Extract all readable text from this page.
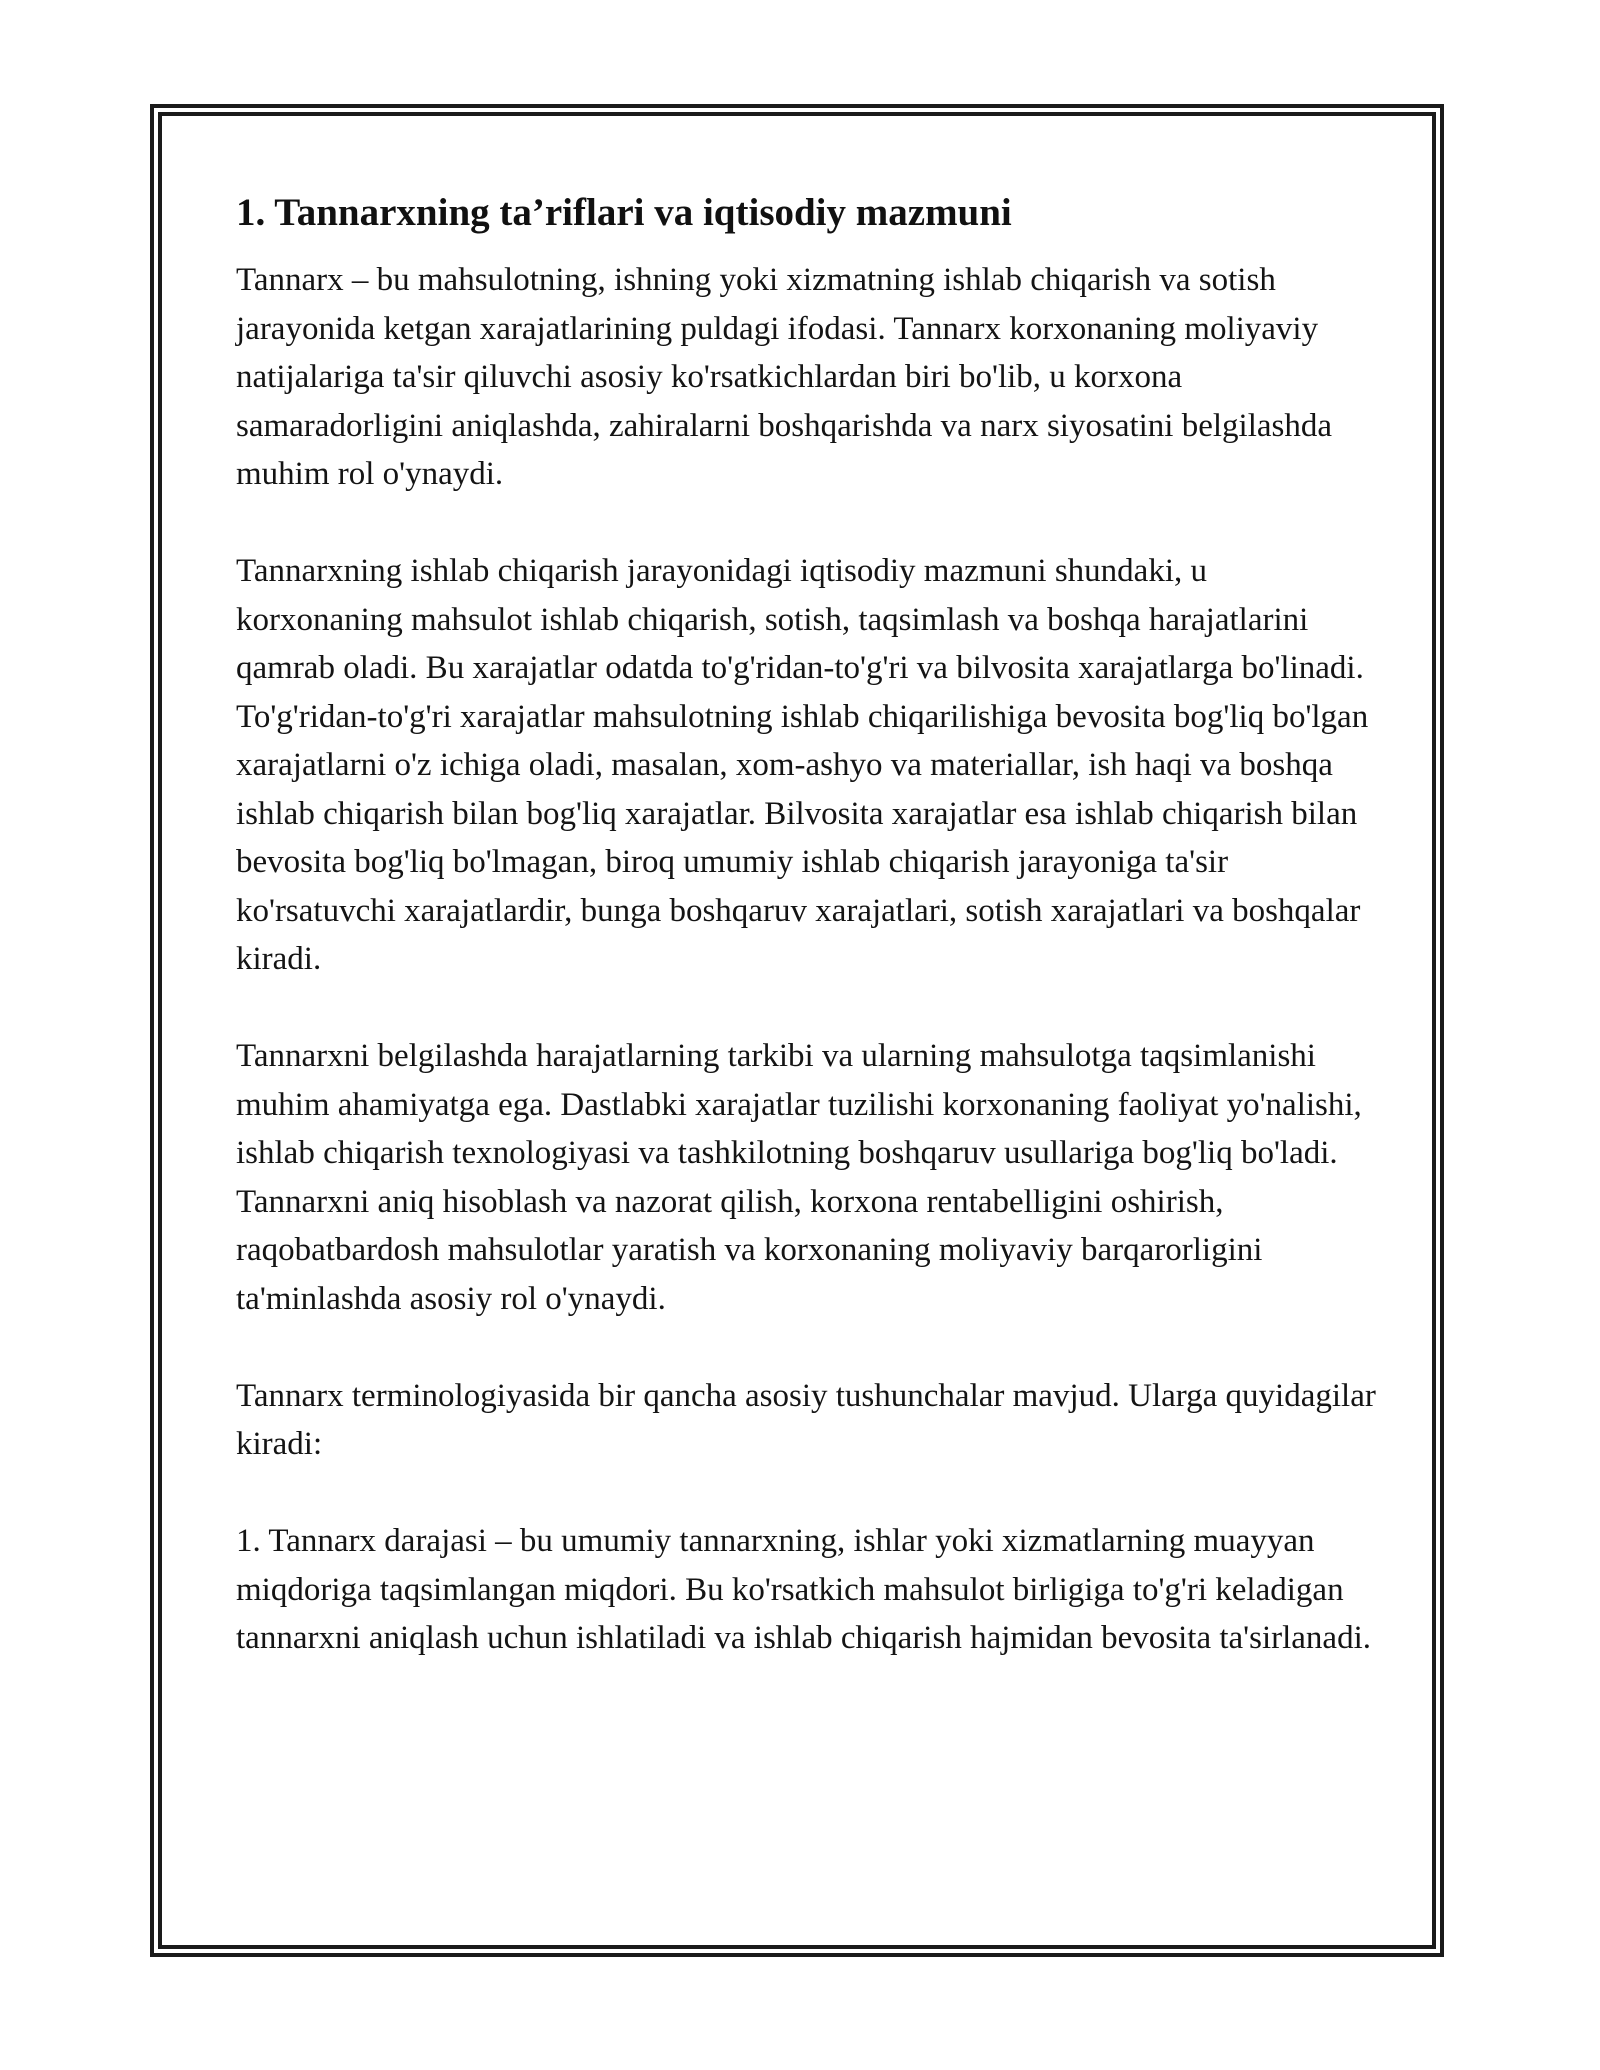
1. Tannarxning ta’riflari va iqtisodiy mazmuni

Tannarx – bu mahsulotning, ishning yoki xizmatning ishlab chiqarish va sotish jarayonida ketgan xarajatlarining puldagi ifodasi. Tannarx korxonaning moliyaviy natijalariga ta'sir qiluvchi asosiy ko'rsatkichlardan biri bo'lib, u korxona samaradorligini aniqlashda, zahiralarni boshqarishda va narx siyosatini belgilashda muhim rol o'ynaydi.

Tannarxning ishlab chiqarish jarayonidagi iqtisodiy mazmuni shundaki, u korxonaning mahsulot ishlab chiqarish, sotish, taqsimlash va boshqa harajatlarini qamrab oladi. Bu xarajatlar odatda to'g'ridan-to'g'ri va bilvosita xarajatlarga bo'linadi. To'g'ridan-to'g'ri xarajatlar mahsulotning ishlab chiqarilishiga bevosita bog'liq bo'lgan xarajatlarni o'z ichiga oladi, masalan, xom-ashyo va materiallar, ish haqi va boshqa ishlab chiqarish bilan bog'liq xarajatlar. Bilvosita xarajatlar esa ishlab chiqarish bilan bevosita bog'liq bo'lmagan, biroq umumiy ishlab chiqarish jarayoniga ta'sir ko'rsatuvchi xarajatlardir, bunga boshqaruv xarajatlari, sotish xarajatlari va boshqalar kiradi.

Tannarxni belgilashda harajatlarning tarkibi va ularning mahsulotga taqsimlanishi muhim ahamiyatga ega. Dastlabki xarajatlar tuzilishi korxonaning faoliyat yo'nalishi, ishlab chiqarish texnologiyasi va tashkilotning boshqaruv usullariga bog'liq bo'ladi. Tannarxni aniq hisoblash va nazorat qilish, korxona rentabelligini oshirish, raqobatbardosh mahsulotlar yaratish va korxonaning moliyaviy barqarorligini ta'minlashda asosiy rol o'ynaydi.

Tannarx terminologiyasida bir qancha asosiy tushunchalar mavjud. Ularga quyidagilar kiradi:

1. Tannarx darajasi – bu umumiy tannarxning, ishlar yoki xizmatlarning muayyan miqdoriga taqsimlangan miqdori. Bu ko'rsatkich mahsulot birligiga to'g'ri keladigan tannarxni aniqlash uchun ishlatiladi va ishlab chiqarish hajmidan bevosita ta'sirlanadi.
